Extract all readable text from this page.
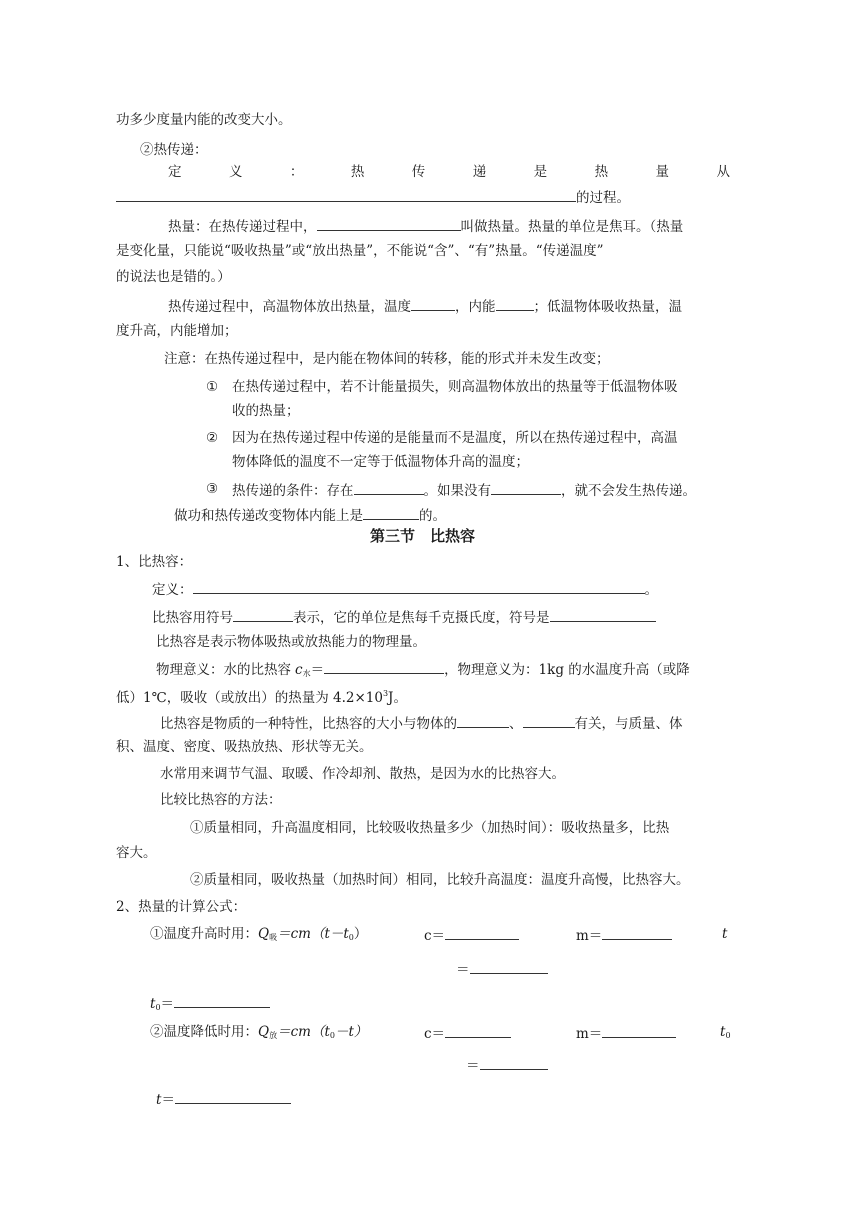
功多少度量内能的改变大小。
②热传递：
定	义	：	热	传	递	是	热	量	从
的过程。
热量：在热传递过程中，	叫做热量。热量的单位是焦耳。（热量
是变化量，只能说“吸收热量”或“放出热量”，不能说“含”、“有”热量。“传递温度”
的说法也是错的。）
热传递过程中，高温物体放出热量，温度	，内能	；低温物体吸收热量，温
度升高，内能增加；
注意：在热传递过程中，是内能在物体间的转移，能的形式并未发生改变；
① 在热传递过程中，若不计能量损失，则高温物体放出的热量等于低温物体吸
收的热量；
② 因为在热传递过程中传递的是能量而不是温度，所以在热传递过程中，高温
物体降低的温度不一定等于低温物体升高的温度；
③ 热传递的条件：存在	。如果没有	，就不会发生热传递。
做功和热传递改变物体内能上是	的。
第三节　比热容
1、比热容：
定义：	。
比热容用符号	表示，它的单位是焦每千克摄氏度，符号是
比热容是表示物体吸热或放热能力的物理量。
物理意义：水的比热容 $c_水=$	，物理意义为：1kg 的水温度升高（或降
低）1℃，吸收（或放出）的热量为 $4.2\times 10^3J$。
比热容是物质的一种特性，比热容的大小与物体的	、	有关，与质量、体
积、温度、密度、吸热放热、形状等无关。
水常用来调节气温、取暖、作冷却剂、散热，是因为水的比热容大。
比较比热容的方法：
①质量相同，升高温度相同，比较吸收热量多少（加热时间）：吸收热量多，比热
容大。
②质量相同，吸收热量（加热时间）相同，比较升高温度：温度升高慢，比热容大。
2、热量的计算公式：
①温度升高时用：$Q_吸=cm(t-t_0)$	c＝	m＝	t
＝
$t_0=$
②温度降低时用：$Q_放=cm(t_0-t)$	c＝	m＝	$t_0$
＝
t＝
